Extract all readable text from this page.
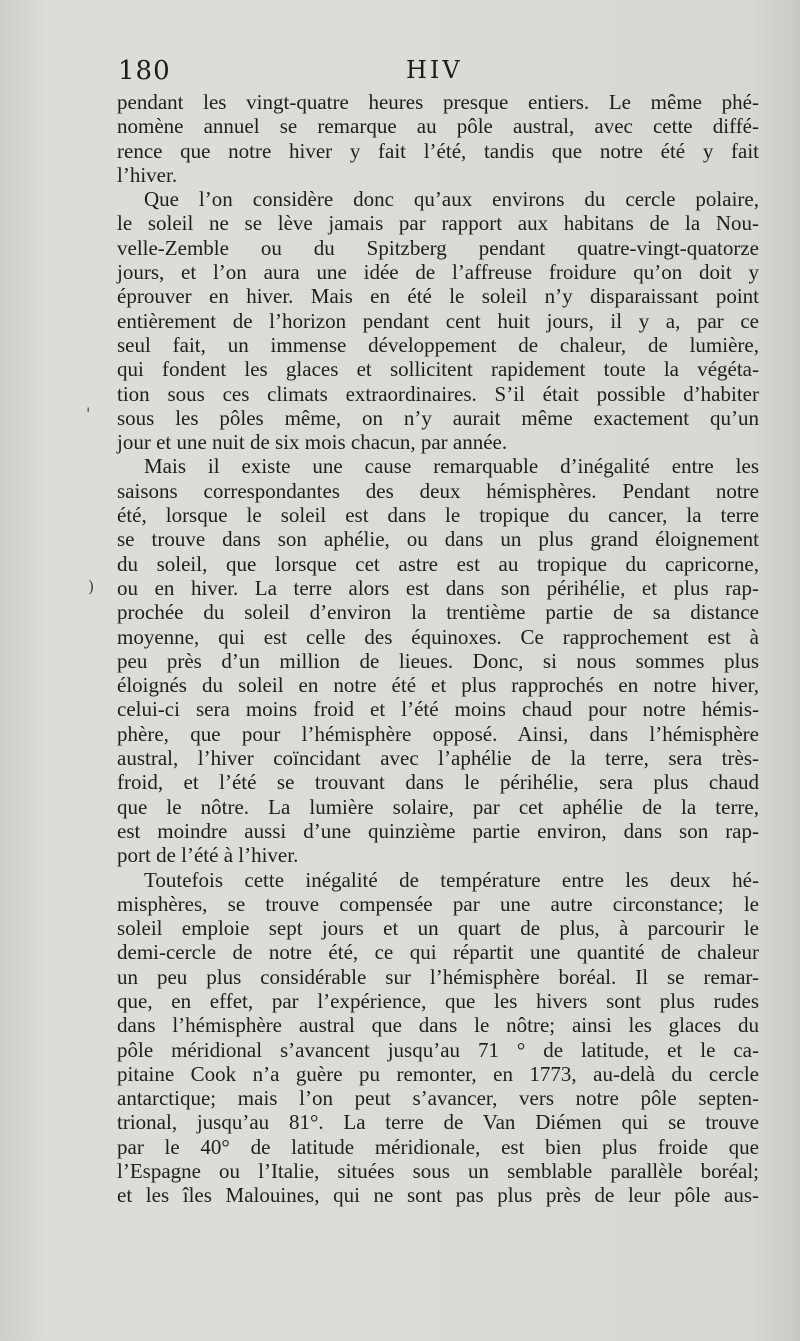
180	HIV
'
)
pendant les vingt-quatre heures presque entiers. Le même phé-
nomène annuel se remarque au pôle austral, avec cette diffé-
rence que notre hiver y fait l’été, tandis que notre été y fait
l’hiver.
Que l’on considère donc qu’aux environs du cercle polaire,
le soleil ne se lève jamais par rapport aux habitans de la Nou-
velle-Zemble ou du Spitzberg pendant quatre-vingt-quatorze
jours, et l’on aura une idée de l’affreuse froidure qu’on doit y
éprouver en hiver. Mais en été le soleil n’y disparaissant point
entièrement de l’horizon pendant cent huit jours, il y a, par ce
seul fait, un immense développement de chaleur, de lumière,
qui fondent les glaces et sollicitent rapidement toute la végéta-
tion sous ces climats extraordinaires. S’il était possible d’habiter
sous les pôles même, on n’y aurait même exactement qu’un
jour et une nuit de six mois chacun, par année.
Mais il existe une cause remarquable d’inégalité entre les
saisons correspondantes des deux hémisphères. Pendant notre
été, lorsque le soleil est dans le tropique du cancer, la terre
se trouve dans son aphélie, ou dans un plus grand éloignement
du soleil, que lorsque cet astre est au tropique du capricorne,
ou en hiver. La terre alors est dans son périhélie, et plus rap-
prochée du soleil d’environ la trentième partie de sa distance
moyenne, qui est celle des équinoxes. Ce rapprochement est à
peu près d’un million de lieues. Donc, si nous sommes plus
éloignés du soleil en notre été et plus rapprochés en notre hiver,
celui-ci sera moins froid et l’été moins chaud pour notre hémis-
phère, que pour l’hémisphère opposé. Ainsi, dans l’hémisphère
austral, l’hiver coïncidant avec l’aphélie de la terre, sera très-
froid, et l’été se trouvant dans le périhélie, sera plus chaud
que le nôtre. La lumière solaire, par cet aphélie de la terre,
est moindre aussi d’une quinzième partie environ, dans son rap-
port de l’été à l’hiver.
Toutefois cette inégalité de température entre les deux hé-
misphères, se trouve compensée par une autre circonstance; le
soleil emploie sept jours et un quart de plus, à parcourir le
demi-cercle de notre été, ce qui répartit une quantité de chaleur
un peu plus considérable sur l’hémisphère boréal. Il se remar-
que, en effet, par l’expérience, que les hivers sont plus rudes
dans l’hémisphère austral que dans le nôtre; ainsi les glaces du
pôle méridional s’avancent jusqu’au 71 ° de latitude, et le ca-
pitaine Cook n’a guère pu remonter, en 1773, au-delà du cercle
antarctique; mais l’on peut s’avancer, vers notre pôle septen-
trional, jusqu’au 81°. La terre de Van Diémen qui se trouve
par le 40° de latitude méridionale, est bien plus froide que
l’Espagne ou l’Italie, situées sous un semblable parallèle boréal;
et les îles Malouines, qui ne sont pas plus près de leur pôle aus-
